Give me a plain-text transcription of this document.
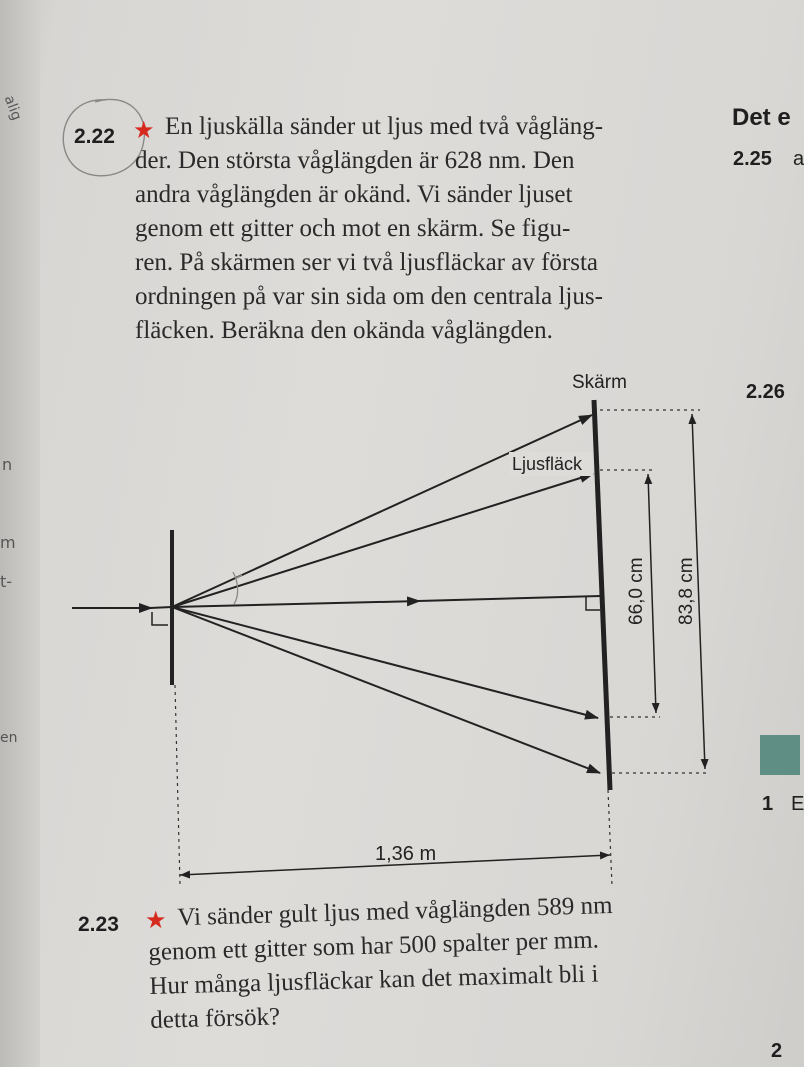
alig
n
m
t-
en
2.22 ★ En ljuskälla sänder ut ljus med två vågläng-
der. Den största våglängden är 628 nm. Den
andra våglängden är okänd. Vi sänder ljuset
genom ett gitter och mot en skärm. Se figu-
ren. På skärmen ser vi två ljusfläckar av första
ordningen på var sin sida om den centrala ljus-
fläcken. Beräkna den okända våglängden.
Skärm
Ljusfläck
66,0 cm 83,8 cm
1,36 m
2.23 ★ Vi sänder gult ljus med våglängden 589 nm
genom ett gitter som har 500 spalter per mm.
Hur många ljusfläckar kan det maximalt bli i
detta försök?
Det e
2.25 a
2.26
1 E
2
